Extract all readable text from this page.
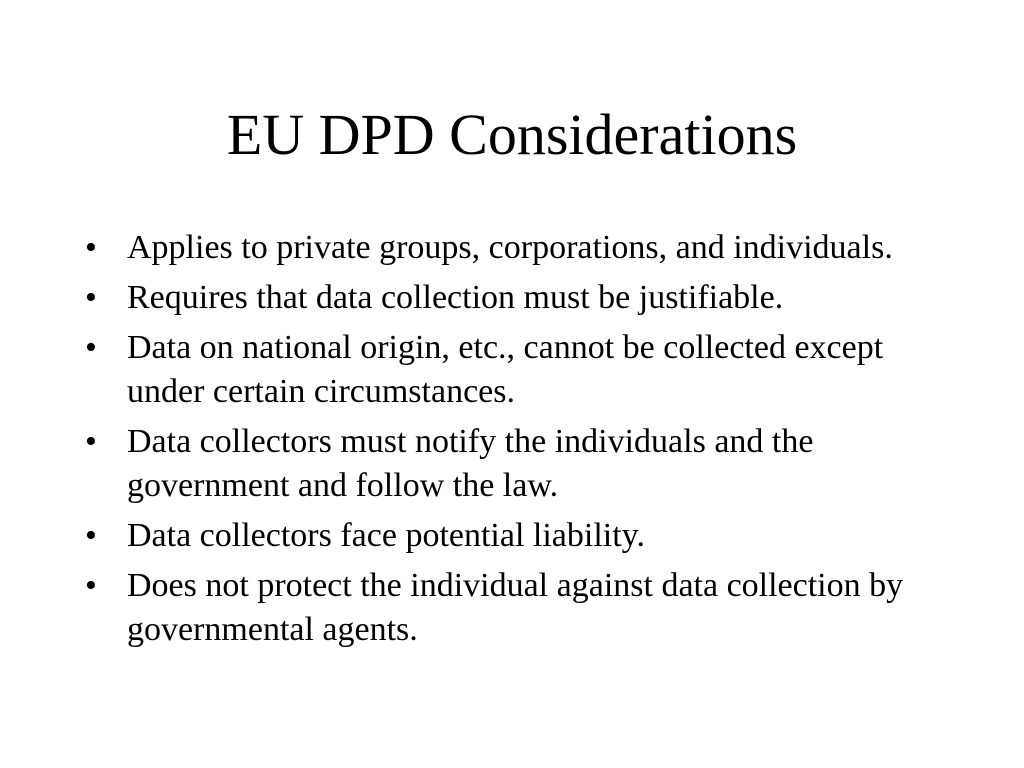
EU DPD Considerations
• Applies to private groups, corporations, and individuals.
• Requires that data collection must be justifiable.
• Data on national origin, etc., cannot be collected except under certain circumstances.
• Data collectors must notify the individuals and the government and follow the law.
• Data collectors face potential liability.
• Does not protect the individual against data collection by governmental agents.
